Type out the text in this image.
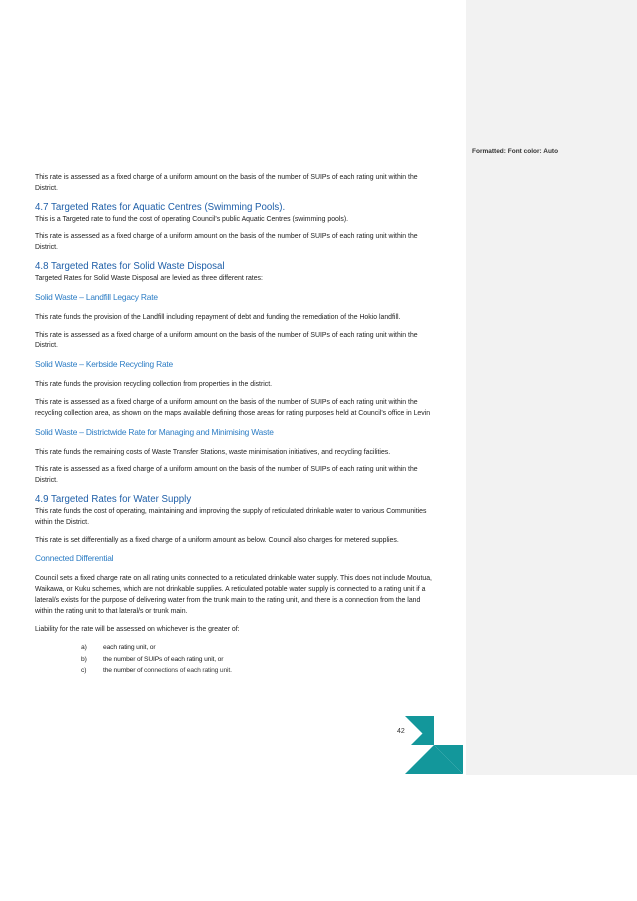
Formatted: Font color: Auto

This rate is assessed as a fixed charge of a uniform amount on the basis of the number of SUIPs of each rating unit within the District.

4.7 Targeted Rates for Aquatic Centres (Swimming Pools).

This is a Targeted rate to fund the cost of operating Council’s public Aquatic Centres (swimming pools).

This rate is assessed as a fixed charge of a uniform amount on the basis of the number of SUIPs of each rating unit within the District.

4.8 Targeted Rates for Solid Waste Disposal

Targeted Rates for Solid Waste Disposal are levied as three different rates:

Solid Waste – Landfill Legacy Rate

This rate funds the provision of the Landfill including repayment of debt and funding the remediation of the Hokio landfill.

This rate is assessed as a fixed charge of a uniform amount on the basis of the number of SUIPs of each rating unit within the District.

Solid Waste – Kerbside Recycling Rate

This rate funds the provision recycling collection from properties in the district.

This rate is assessed as a fixed charge of a uniform amount on the basis of the number of SUIPs of each rating unit within the recycling collection area, as shown on the maps available defining those areas for rating purposes held at Council’s office in Levin

Solid Waste – Districtwide Rate for Managing and Minimising Waste

This rate funds the remaining costs of Waste Transfer Stations, waste minimisation initiatives, and recycling facilities.

This rate is assessed as a fixed charge of a uniform amount on the basis of the number of SUIPs of each rating unit within the District.

4.9 Targeted Rates for Water Supply

This rate funds the cost of operating, maintaining and improving the supply of reticulated drinkable water to various Communities within the District.

This rate is set differentially as a fixed charge of a uniform amount as below. Council also charges for metered supplies.

Connected Differential

Council sets a fixed charge rate on all rating units connected to a reticulated drinkable water supply. This does not include Moutua, Waikawa, or Kuku schemes, which are not drinkable supplies. A reticulated potable water supply is connected to a rating unit if a lateral/s exists for the purpose of delivering water from the trunk main to the rating unit, and there is a connection from the land within the rating unit to that lateral/s or trunk main.

Liability for the rate will be assessed on whichever is the greater of:

a)	each rating unit, or
b)	the number of SUIPs of each rating unit, or
c)	the number of connections of each rating unit.
42
